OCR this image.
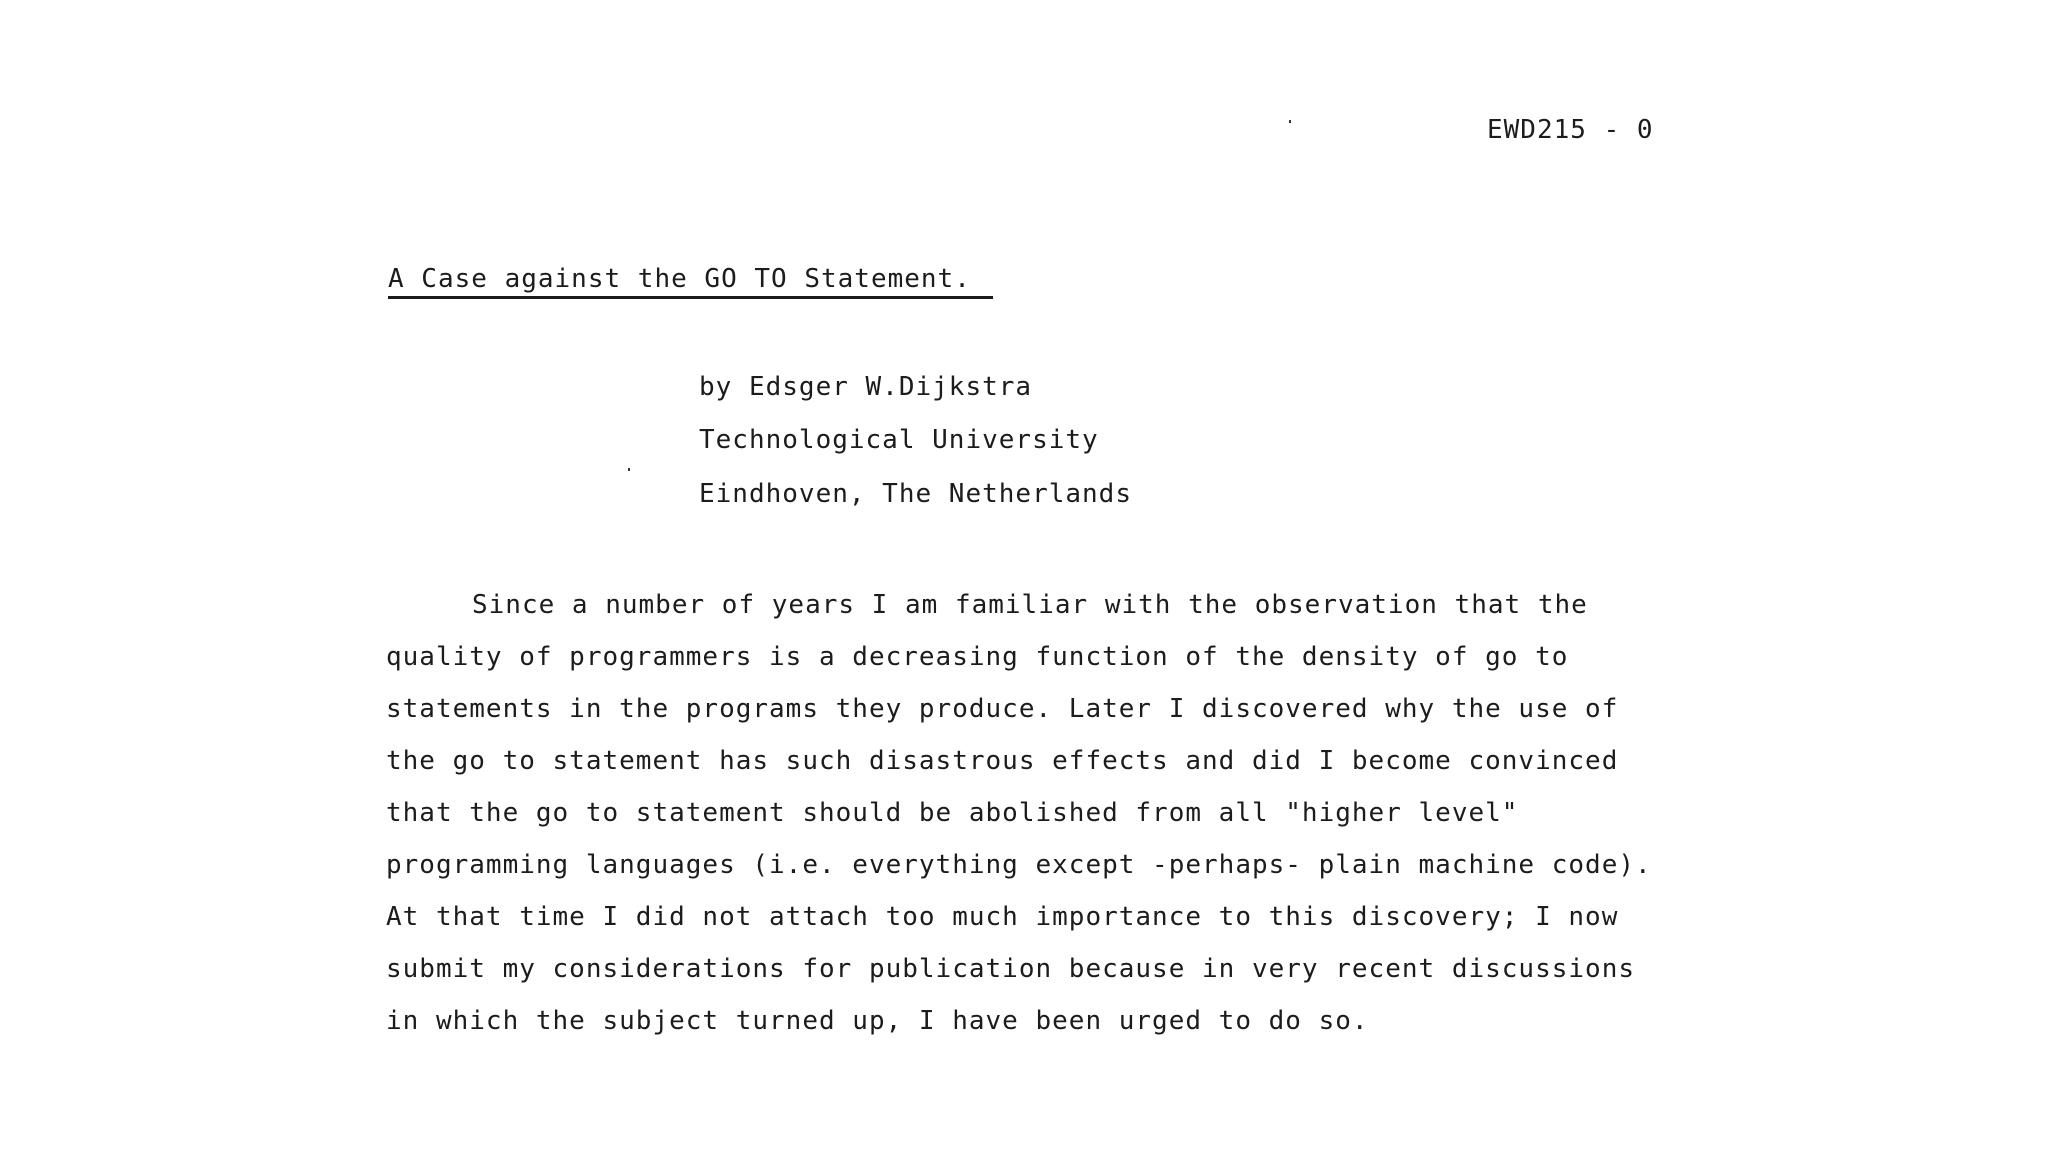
EWD215 - 0
A Case against the GO TO Statement.
by Edsger W.Dijkstra
Technological University
Eindhoven, The Netherlands
Since a number of years I am familiar with the observation that the
quality of programmers is a decreasing function of the density of go to
statements in the programs they produce. Later I discovered why the use of
the go to statement has such disastrous effects and did I become convinced
that the go to statement should be abolished from all "higher level"
programming languages (i.e. everything except -perhaps- plain machine code).
At that time I did not attach too much importance to this discovery; I now
submit my considerations for publication because in very recent discussions
in which the subject turned up, I have been urged to do so.
